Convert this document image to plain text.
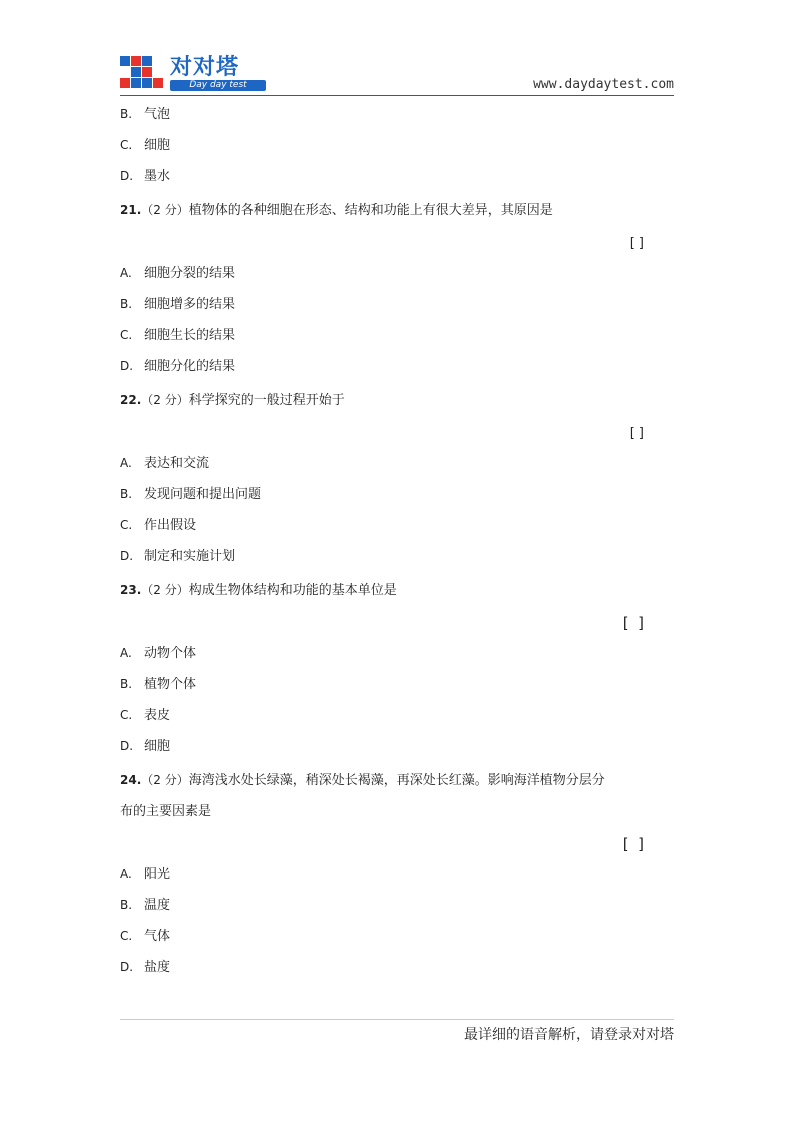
对对塔
Day day test	www.daydaytest.com
B. 气泡
C. 细胞
D. 墨水
21.（2 分）植物体的各种细胞在形态、结构和功能上有很大差异，其原因是
[ ]
A. 细胞分裂的结果
B. 细胞增多的结果
C. 细胞生长的结果
D. 细胞分化的结果
22.（2 分）科学探究的一般过程开始于
[ ]
A. 表达和交流
B. 发现问题和提出问题
C. 作出假设
D. 制定和实施计划
23.（2 分）构成生物体结构和功能的基本单位是
[  ]
A. 动物个体
B. 植物个体
C. 表皮
D. 细胞
24.（2 分）海湾浅水处长绿藻，稍深处长褐藻，再深处长红藻。影响海洋植物分层分
布的主要因素是
[  ]
A. 阳光
B. 温度
C. 气体
D. 盐度
最详细的语音解析，请登录对对塔
